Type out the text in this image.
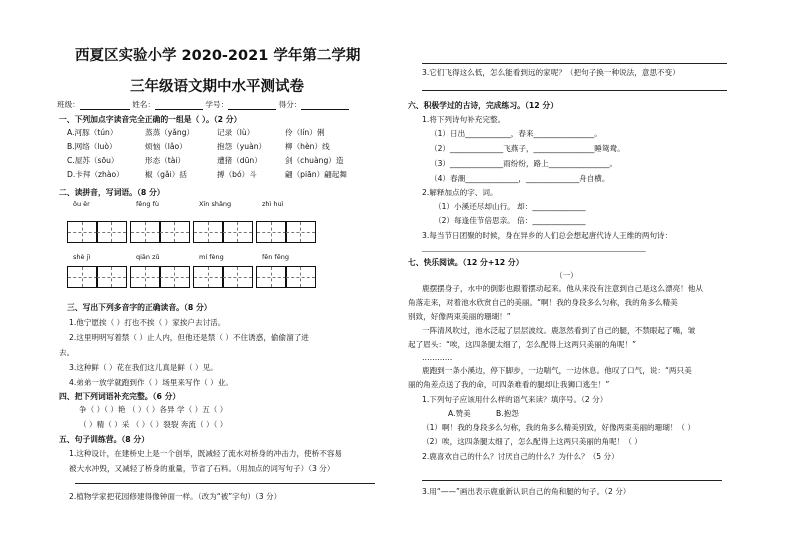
西夏区实验小学 2020-2021 学年第二学期
三年级语文期中水平测试卷
班级：	姓名：	学号：	得分：
一、下列加点字读音完全正确的一组是（ ）。（2 分）
A.河豚（tún）	蒸蒸（yǎng）	记录（lù）	伶（lín）俐
B.网络（luò）	烦恼（lǎo）	抱怨（yuàn） 柳（hèn）线
C.屋苏（sōu）	形态（tài）	遭猪（dūn）	剑（chuàng）造
D.卡拜（zhào）	椒（gǎi）括	搏（bó）斗	翩（piān）翩起舞
二、读拼音，写词语。（8 分）
ōu ěr	fēng fù	Xīn shǎng	zhì huì
shè jì	qiān zǔ	mí fèng	fēn fēng
三、写出下列多音字的正确读音。（8 分）
1.他宁愿挨（ ）打也不挨（ ）家挨户去讨活。
2.这里明明写着禁（ ）止人内，但他还是禁（ ）不住诱惑，偷偷溜了进
去。
3.这种鲜（ ）花在我们这儿真是鲜（ ）见。
4.弟弟一放学就跑到作（ ）场里来写作（ ）业。
四、把下列词语补充完整。（6 分）
争（ ）（ ）艳 （ ）（ ）各异 学（ ）五（ ）
（ ）精（ ）采 （ ）（ ）裂裂 奔流（ ）（ ）
五、句子训练营。（8 分）
1.这种设计，在建桥史上是一个创举，既减轻了流水对桥身的冲击力，使桥不容易
被大水冲毁，又减轻了桥身的重量，节省了石料。（用加点的词写句子）（3 分）
2.植物学家把花园修建得像钟面一样。（改为“被”字句）（3 分）
3.它们飞得这么低，怎么能看到远的家呢？（把句子换一种说法，意思不变）
六、积极学过的古诗，完成练习。（12 分）
1.将下列诗句补充完整。
（1）日出____________，春来________________。
（2）______________飞燕子，________________睡鸳鸯。
（3）______________雨纷纷，路上________________。
（4）春潮______________，______________舟自横。
2.解释加点的字、词。
（1）小溪还尽却山行。 却：______________
（2）每逢佳节倍思亲。 倍：______________
3.每当节日团聚的时候，身在异乡的人们总会想起唐代诗人王维的两句诗：
______________________________________________________________________
七、快乐阅读。（12 分+12 分）
（一）
鹿摆摆身子，水中的倒影也跟着摆动起来。他从来没有注意到自己是这么漂亮！他从
角落走来，对着池水欣赏自己的美丽。“啊！我的身段多么匀称，我的角多么精美
别致，好像两束美丽的珊瑚！”
一阵清风吹过，池水泛起了层层波纹。鹿忽然看到了自己的腿，不禁眼起了嘴，皱
起了眉头：“唉，这四条腿太细了，怎么配得上这两只美丽的角呢！”
…………
鹿跑到一条小溪边，停下脚步，一边喘气，一边休息。他叹了口气，说：“两只美
丽的角差点送了我的命，可四条难看的腿却让我狮口逃生！”
1.下列句子应该用什么样的语气来读？填序号。（2 分）
A.赞美	B.抱怨
（1）啊！我的身段多么匀称，我的角多么精美别致，好像两束美丽的珊瑚！（ ）
（2）唉，这四条腿太细了，怎么配得上这两只美丽的角呢！（ ）
2.鹿喜欢自己的什么？讨厌自己的什么？为什么？（5 分）
3.用“——”画出表示鹿重新认识自己的角和腿的句子。（2 分）
